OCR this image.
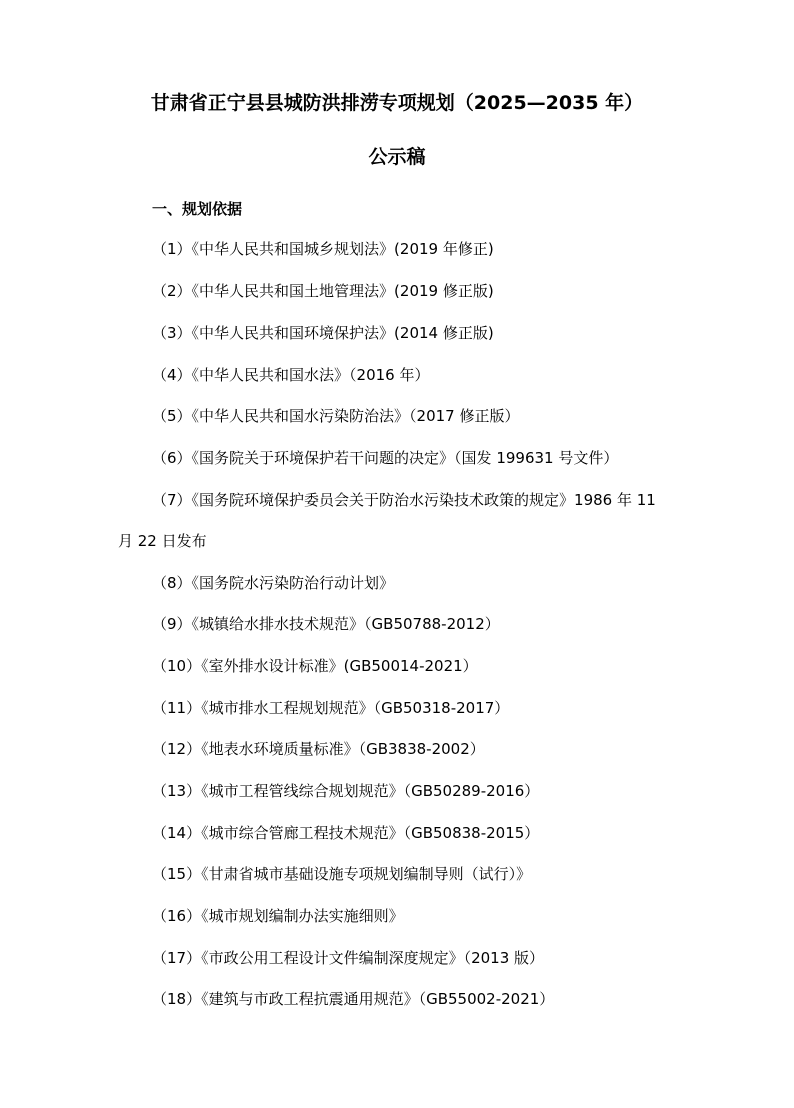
甘肃省正宁县县城防洪排涝专项规划（2025—2035 年）
公示稿
一、规划依据
（1）《中华人民共和国城乡规划法》(2019 年修正)
（2）《中华人民共和国土地管理法》(2019 修正版)
（3）《中华人民共和国环境保护法》(2014 修正版)
（4）《中华人民共和国水法》（2016 年）
（5）《中华人民共和国水污染防治法》（2017 修正版）
（6）《国务院关于环境保护若干问题的决定》（国发 199631 号文件）
（7）《国务院环境保护委员会关于防治水污染技术政策的规定》1986 年 11
月 22 日发布
（8）《国务院水污染防治行动计划》
（9）《城镇给水排水技术规范》（GB50788-2012）
（10）《室外排水设计标准》(GB50014-2021）
（11）《城市排水工程规划规范》（GB50318-2017）
（12）《地表水环境质量标准》（GB3838-2002）
（13）《城市工程管线综合规划规范》（GB50289-2016）
（14）《城市综合管廊工程技术规范》（GB50838-2015）
（15）《甘肃省城市基础设施专项规划编制导则（试行）》
（16）《城市规划编制办法实施细则》
（17）《市政公用工程设计文件编制深度规定》（2013 版）
（18）《建筑与市政工程抗震通用规范》（GB55002-2021）
